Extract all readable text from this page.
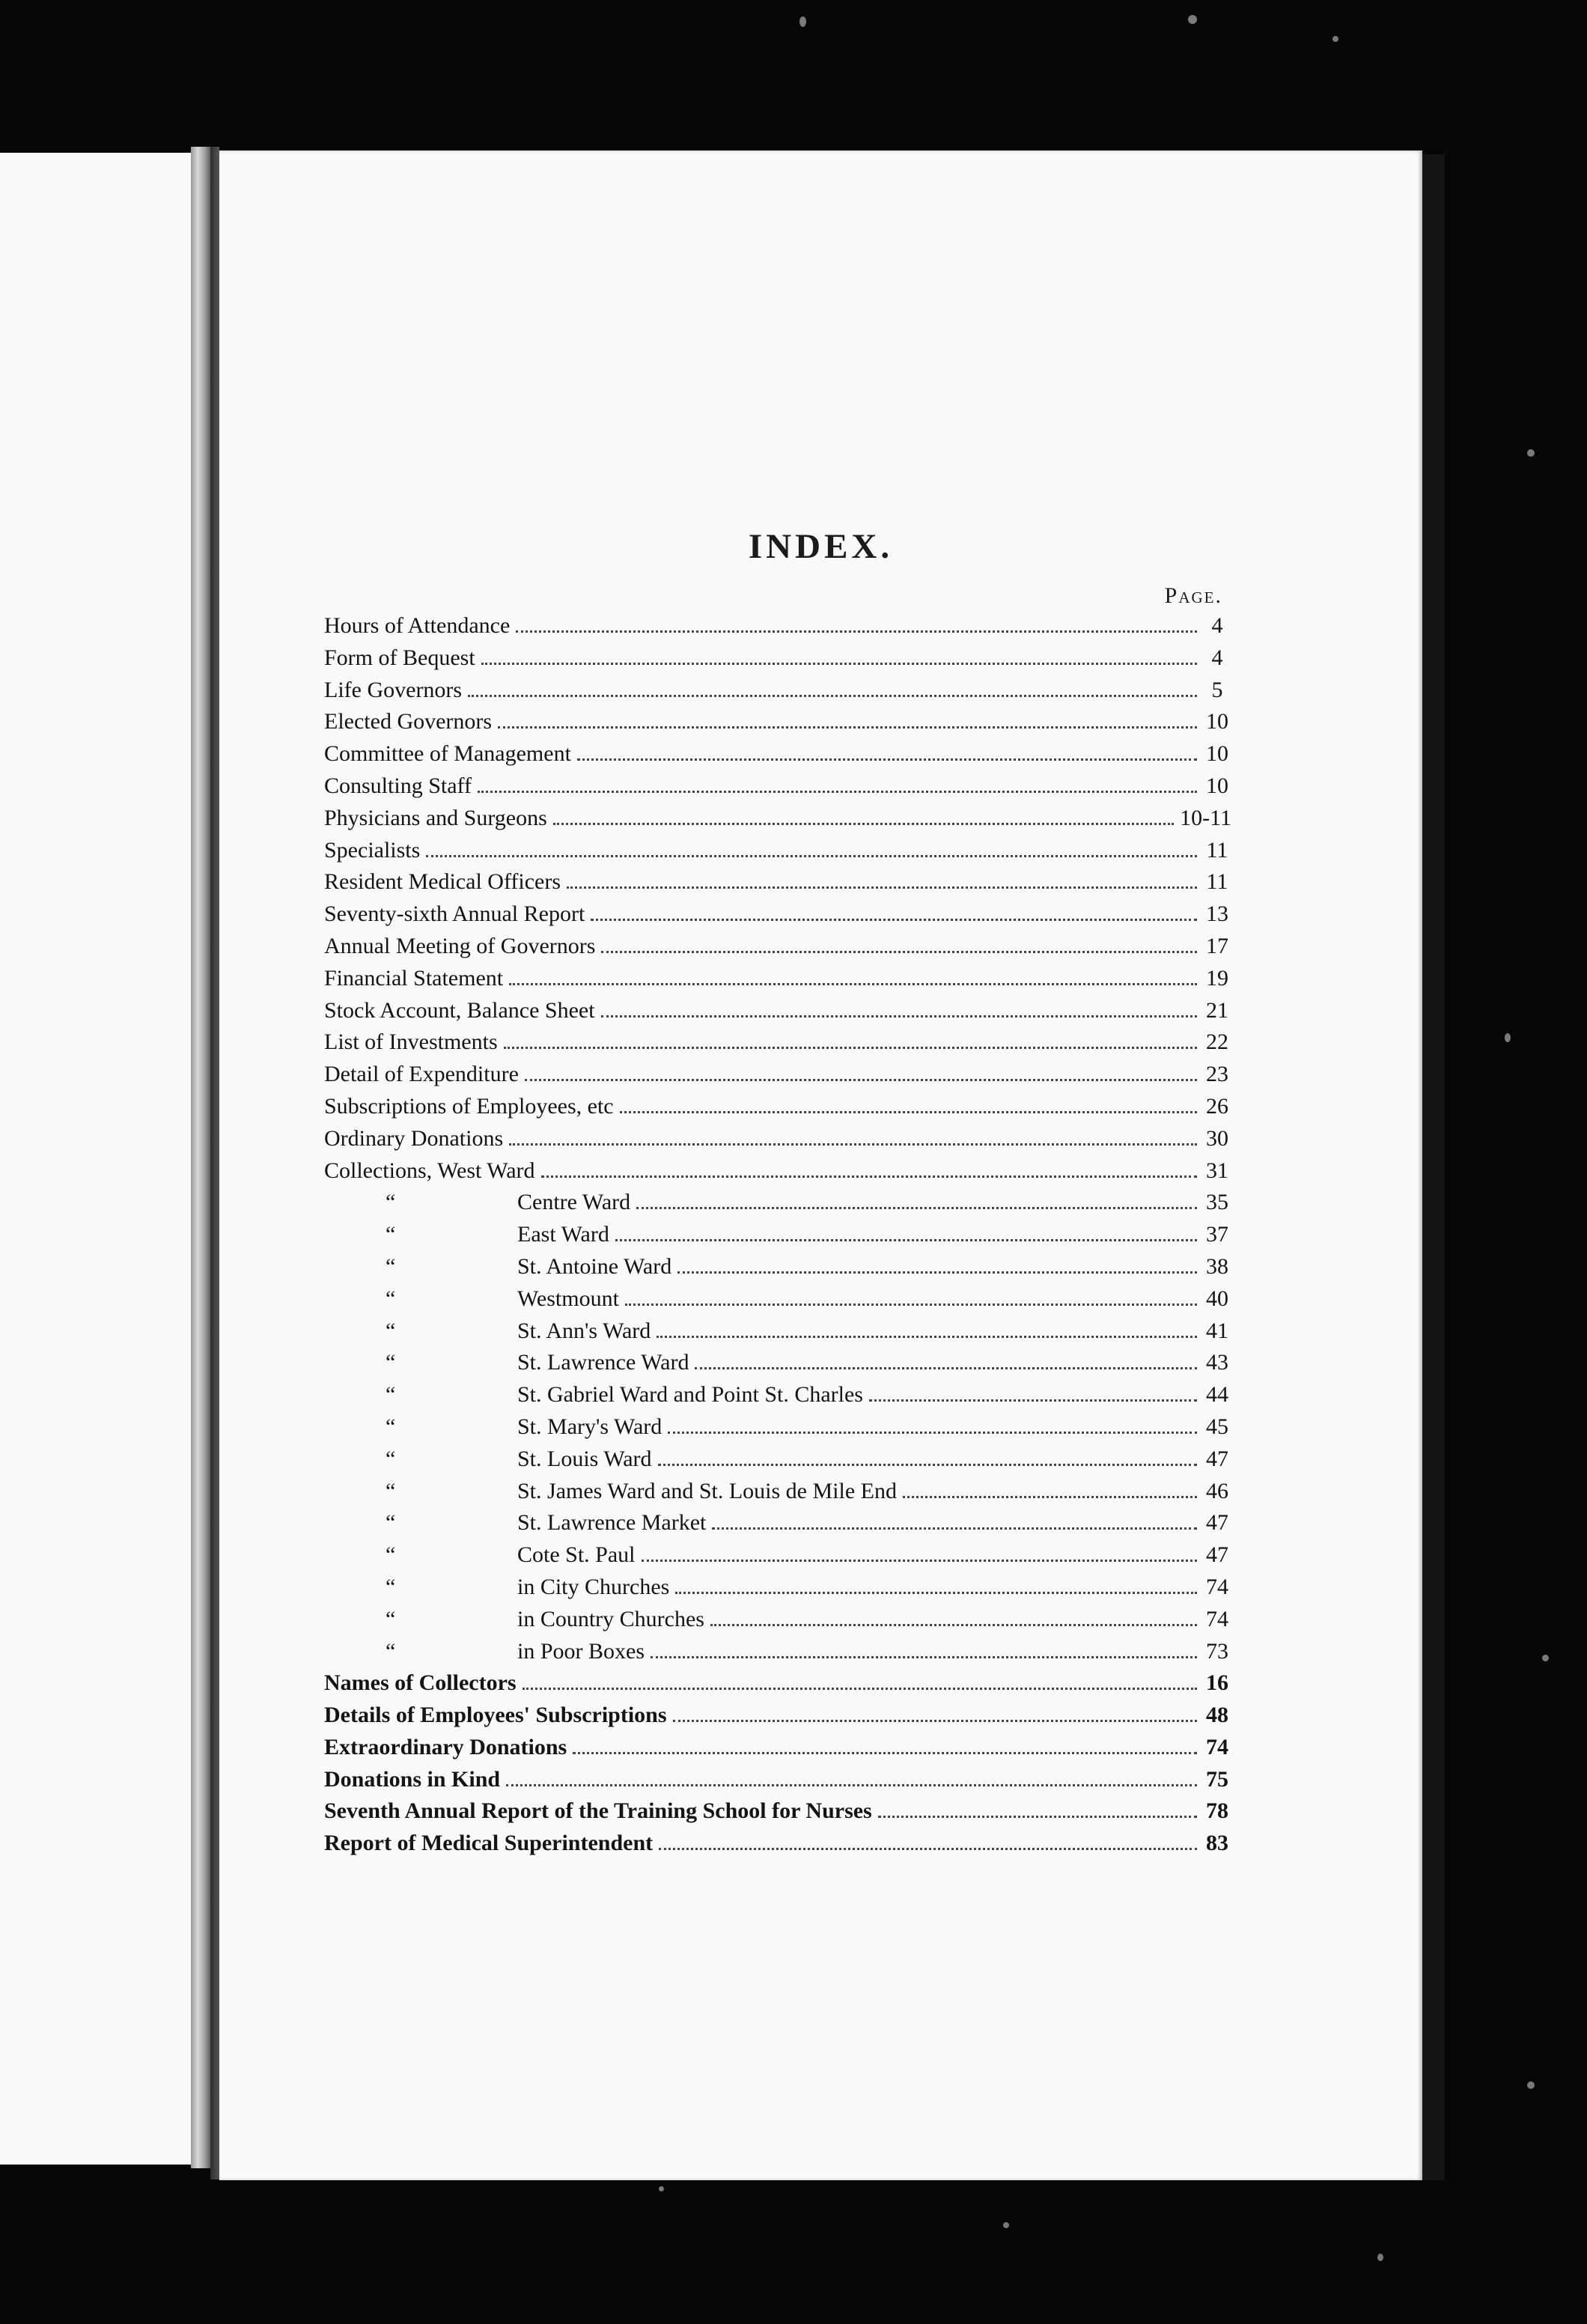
INDEX.
Page.
Hours of Attendance	4
Form of Bequest	4
Life Governors	5
Elected Governors	10
Committee of Management	10
Consulting Staff	10
Physicians and Surgeons	10-11
Specialists	11
Resident Medical Officers	11
Seventy-sixth Annual Report	13
Annual Meeting of Governors	17
Financial Statement	19
Stock Account, Balance Sheet	21
List of Investments	22
Detail of Expenditure	23
Subscriptions of Employees, etc	26
Ordinary Donations	30
Collections, West Ward	31
“	Centre Ward	35
“	East Ward	37
“	St. Antoine Ward	38
“	Westmount	40
“	St. Ann's Ward	41
“	St. Lawrence Ward	43
“	St. Gabriel Ward and Point St. Charles	44
“	St. Mary's Ward	45
“	St. Louis Ward	47
“	St. James Ward and St. Louis de Mile End	46
“	St. Lawrence Market	47
“	Cote St. Paul	47
“	in City Churches	74
“	in Country Churches	74
“	in Poor Boxes	73
Names of Collectors	16
Details of Employees' Subscriptions	48
Extraordinary Donations	74
Donations in Kind	75
Seventh Annual Report of the Training School for Nurses	78
Report of Medical Superintendent	83
